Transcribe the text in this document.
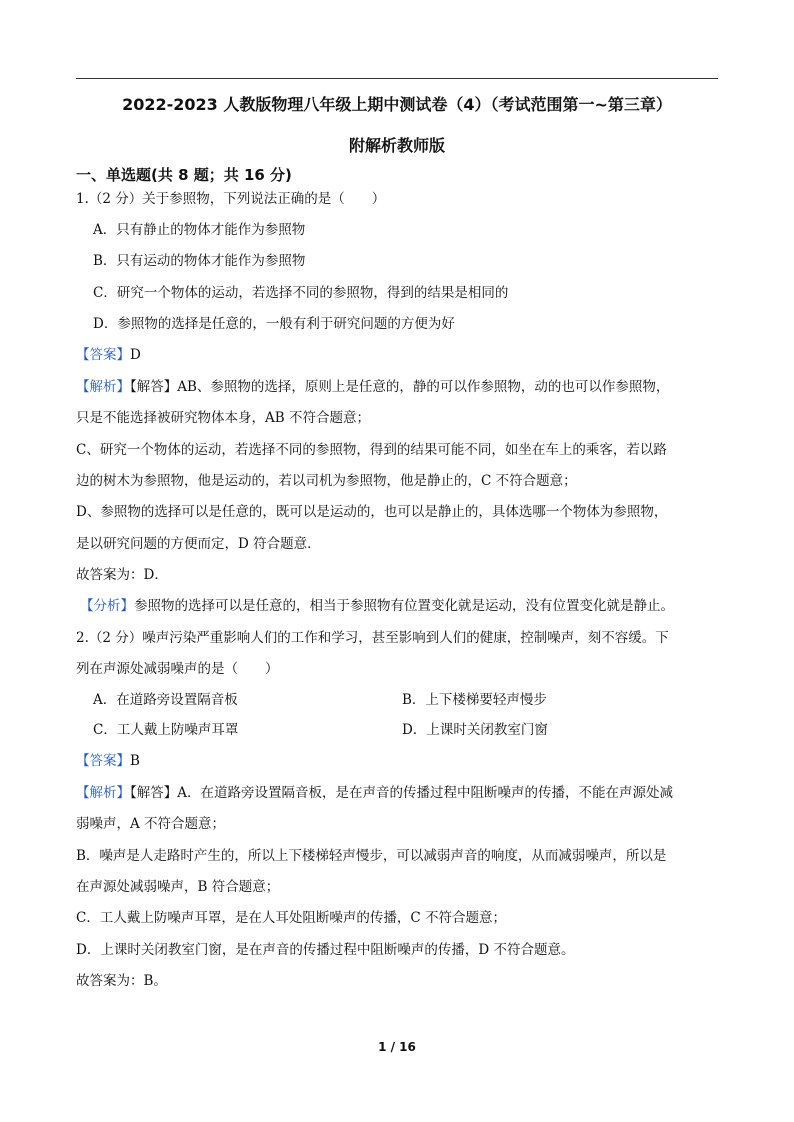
2022-2023 人教版物理八年级上期中测试卷（4）（考试范围第一~第三章）
附解析教师版
一、单选题(共 8 题；共 16 分)
1.（2 分）关于参照物，下列说法正确的是（　　）
A．只有静止的物体才能作为参照物
B．只有运动的物体才能作为参照物
C．研究一个物体的运动，若选择不同的参照物，得到的结果是相同的
D．参照物的选择是任意的，一般有利于研究问题的方便为好
【答案】D
【解析】【解答】AB、参照物的选择，原则上是任意的，静的可以作参照物，动的也可以作参照物，
只是不能选择被研究物体本身，AB 不符合题意；
C、研究一个物体的运动，若选择不同的参照物，得到的结果可能不同，如坐在车上的乘客，若以路
边的树木为参照物，他是运动的，若以司机为参照物，他是静止的，C 不符合题意；
D、参照物的选择可以是任意的，既可以是运动的，也可以是静止的，具体选哪一个物体为参照物，
是以研究问题的方便而定，D 符合题意．
故答案为：D．
【分析】参照物的选择可以是任意的，相当于参照物有位置变化就是运动，没有位置变化就是静止。
2.（2 分）噪声污染严重影响人们的工作和学习，甚至影响到人们的健康，控制噪声，刻不容缓。下
列在声源处减弱噪声的是（　　）
A．在道路旁设置隔音板	B．上下楼梯要轻声慢步
C．工人戴上防噪声耳罩	D．上课时关闭教室门窗
【答案】B
【解析】【解答】A．在道路旁设置隔音板，是在声音的传播过程中阻断噪声的传播，不能在声源处减
弱噪声，A 不符合题意；
B．噪声是人走路时产生的，所以上下楼梯轻声慢步，可以减弱声音的响度，从而减弱噪声，所以是
在声源处减弱噪声，B 符合题意；
C．工人戴上防噪声耳罩，是在人耳处阻断噪声的传播，C 不符合题意；
D．上课时关闭教室门窗，是在声音的传播过程中阻断噪声的传播，D 不符合题意。
故答案为：B。
1 / 16
